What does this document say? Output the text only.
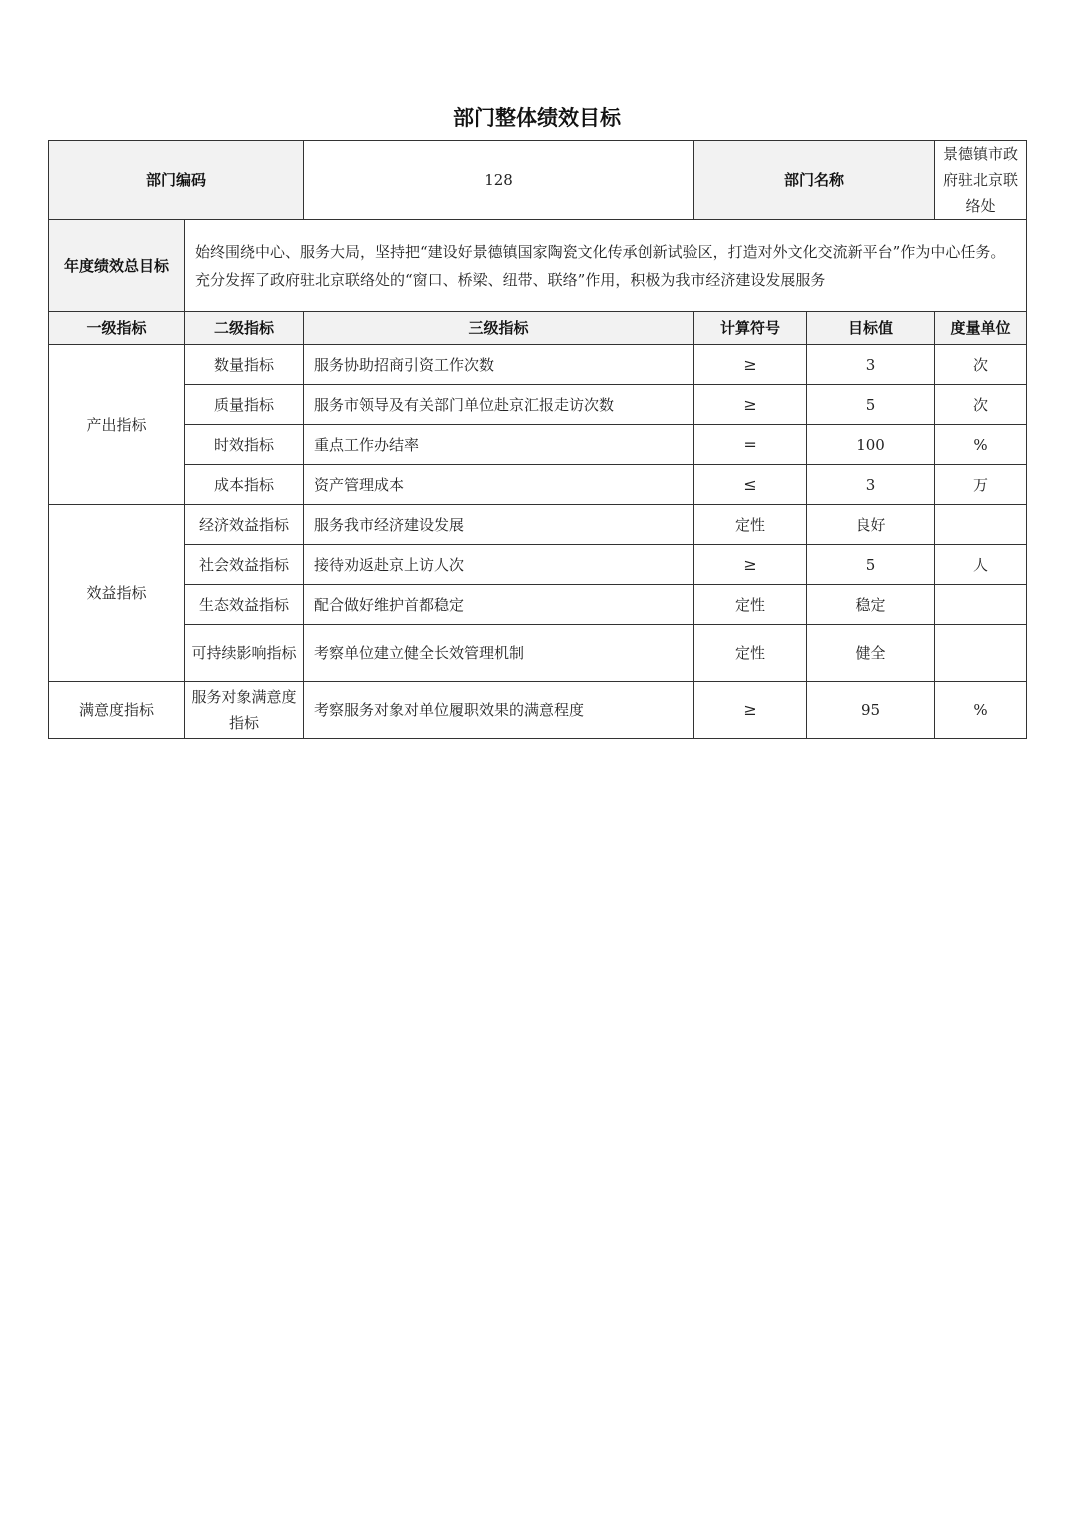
部门整体绩效目标
部门编码		128	部门名称		景德镇市政府驻北京联络处
年度绩效总目标	始终围绕中心、服务大局，坚持把“建设好景德镇国家陶瓷文化传承创新试验区，打造对外文化交流新平台”作为中心任务。充分发挥了政府驻北京联络处的“窗口、桥梁、纽带、联络”作用，积极为我市经济建设发展服务				
一级指标	二级指标	三级指标	计算符号	目标值	度量单位
产出指标	数量指标	服务协助招商引资工作次数	≥	3	次
	质量指标	服务市领导及有关部门单位赴京汇报走访次数	≥	5	次
	时效指标	重点工作办结率	=	100	%
	成本指标	资产管理成本	≤	3	万
效益指标	经济效益指标	服务我市经济建设发展	定性	良好	
	社会效益指标	接待劝返赴京上访人次	≥	5	人
	生态效益指标	配合做好维护首都稳定	定性	稳定	
	可持续影响指标	考察单位建立健全长效管理机制	定性	健全	
满意度指标	服务对象满意度指标	考察服务对象对单位履职效果的满意程度	≥	95	%
